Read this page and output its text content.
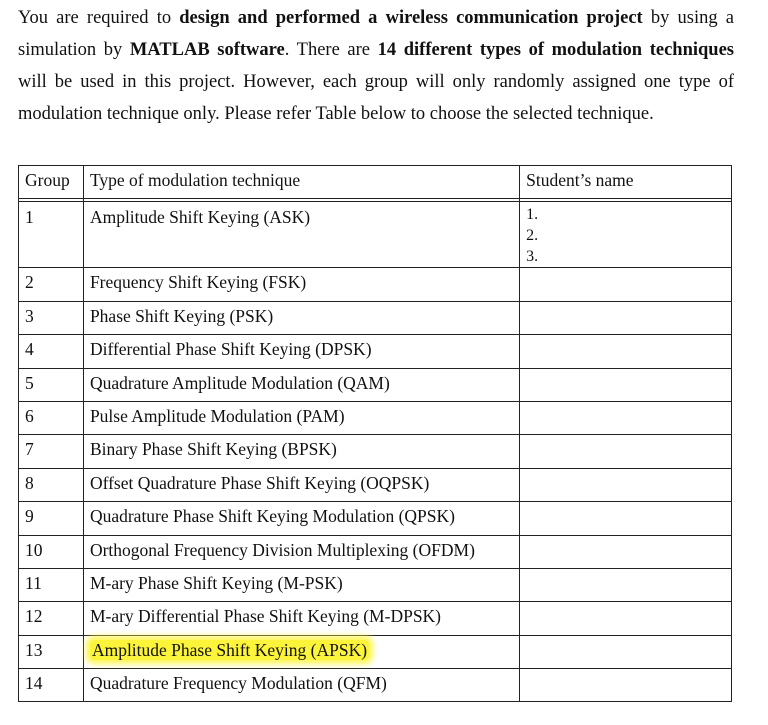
You are required to design and performed a wireless communication project by using a simulation by MATLAB software. There are 14 different types of modulation techniques will be used in this project. However, each group will only randomly assigned one type of modulation technique only. Please refer Table below to choose the selected technique.

Group	Type of modulation technique	Student’s name

1	Amplitude Shift Keying (ASK)	1.
2.
3.

2	Frequency Shift Keying (FSK)	
3	Phase Shift Keying (PSK)	
4	Differential Phase Shift Keying (DPSK)	
5	Quadrature Amplitude Modulation (QAM)	
6	Pulse Amplitude Modulation (PAM)	
7	Binary Phase Shift Keying (BPSK)	
8	Offset Quadrature Phase Shift Keying (OQPSK)	
9	Quadrature Phase Shift Keying Modulation (QPSK)	
10	Orthogonal Frequency Division Multiplexing (OFDM)	
11	M-ary Phase Shift Keying (M-PSK)	
12	M-ary Differential Phase Shift Keying (M-DPSK)	
13	Amplitude Phase Shift Keying (APSK)	
14	Quadrature Frequency Modulation (QFM)	
